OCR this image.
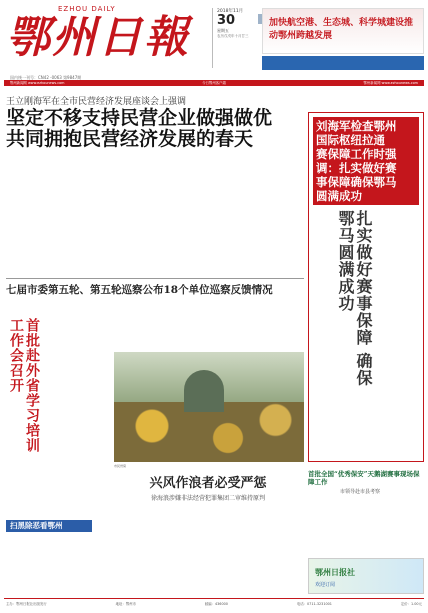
EZHOU DAILY
鄂州日報
国内统一刊号：CN42 -0063 第9847期
2018年11月
30
星期五
农历戊戌年十月廿三
加快航空港、生态城、科学城建设推动鄂州跨越发展
鄂州新闻网 www.ezhounews.com	今日鄂州客户端	鄂州新闻网 www.ezhounews.com
王立刚海军在全市民营经济发展座谈会上强调
坚定不移支持民营企业做强做优
共同拥抱民营经济发展的春天
刘海军检查鄂州
国际枢纽拉通
赛保障工作时强
调：扎实做好赛
事保障确保鄂马
圆满成功
扎实做好赛事保障 确保鄂马圆满成功
七届市委第五轮、第五轮巡察公布18个单位巡察反馈情况
首批赴外省学习培训工作会召开
市民赏菊
首批全国“优秀保安”天鹅湖赛事现场保障工作
市领导赴市县考察
兴风作浪者必受严惩
徐海浪涉嫌非法经营犯罪集团二审维持原判
扫黑除恶看鄂州
鄂州日报社
欢迎订阅
主办：鄂州日报社出版发行	地址：鄂州市	邮编：436000	电话：0711-3231001	定价：1.00元
